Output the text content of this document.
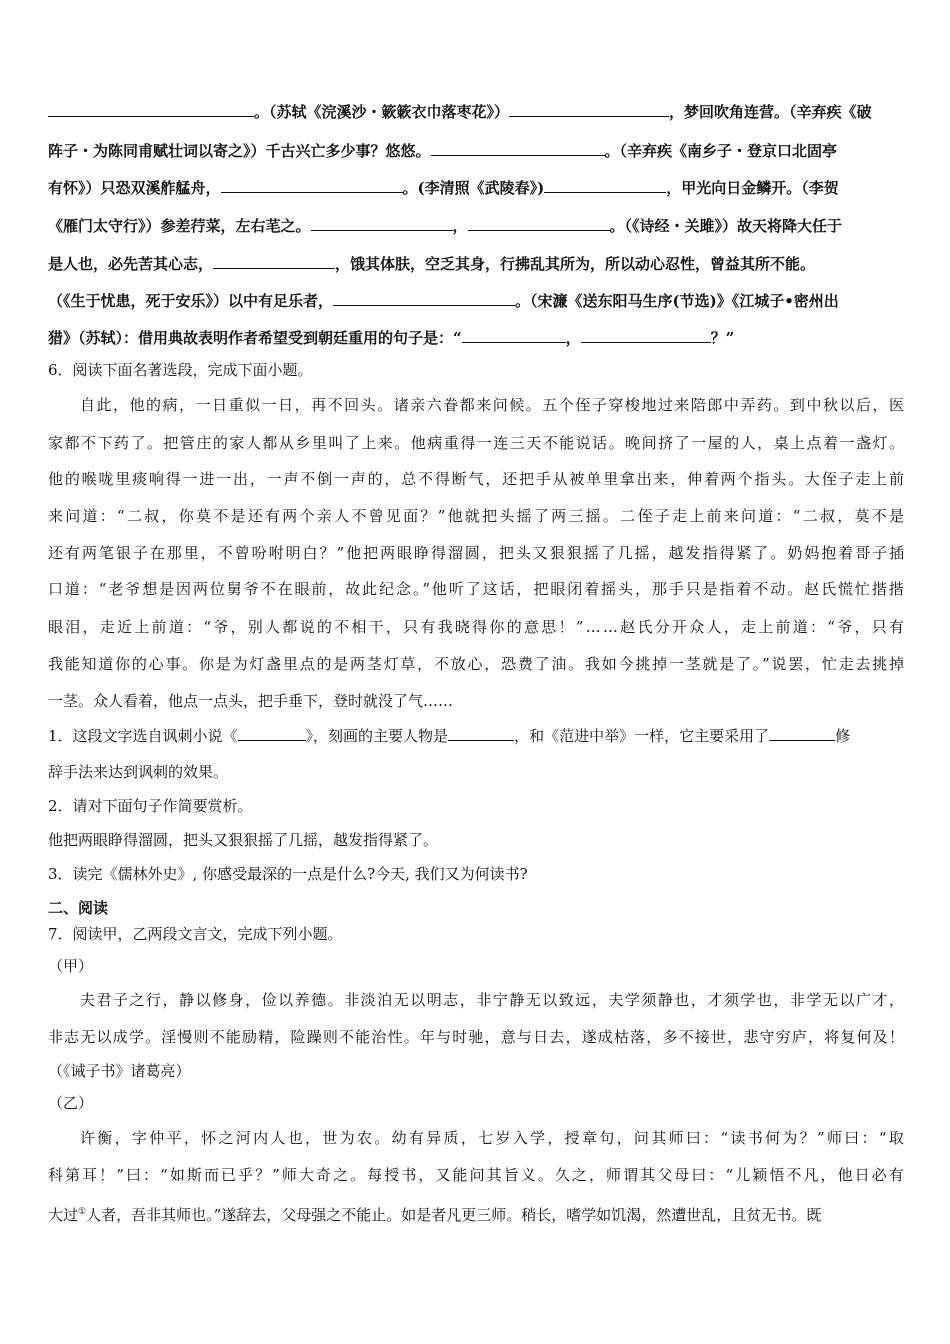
。（苏轼《浣溪沙・簌簌衣巾落枣花》）	，梦回吹角连营。（辛弃疾《破
阵子・为陈同甫赋壮词以寄之》）千古兴亡多少事？悠悠。	。（辛弃疾《南乡子・登京口北固亭
有怀》）只恐双溪舴艋舟，	。(李清照《武陵春》)	，甲光向日金鳞开。（李贺
《雁门太守行》）参差荇菜，左右芼之。	，	。（《诗经・关雎》）故天将降大任于
是人也，必先苦其心志，	，饿其体肤，空乏其身，行拂乱其所为，所以动心忍性，曾益其所不能。
（《生于忧患，死于安乐》）以中有足乐者，	。（宋濂《送东阳马生序(节选)》《江城子•密州出
猎》（苏轼）：借用典故表明作者希望受到朝廷重用的句子是：“	，	？”
6．阅读下面名著选段，完成下面小题。
自此，他的病，一日重似一日，再不回头。诸亲六眷都来问候。五个侄子穿梭地过来陪郎中弄药。到中秋以后，医
家都不下药了。把管庄的家人都从乡里叫了上来。他病重得一连三天不能说话。晚间挤了一屋的人，桌上点着一盏灯。
他的喉咙里痰响得一进一出，一声不倒一声的，总不得断气，还把手从被单里拿出来，伸着两个指头。大侄子走上前
来问道：“二叔，你莫不是还有两个亲人不曾见面？”他就把头摇了两三摇。二侄子走上前来问道：“二叔，莫不是
还有两笔银子在那里，不曾吩咐明白？”他把两眼睁得溜圆，把头又狠狠摇了几摇，越发指得紧了。奶妈抱着哥子插
口道：“老爷想是因两位舅爷不在眼前，故此纪念。”他听了这话，把眼闭着摇头，那手只是指着不动。赵氏慌忙揩揩
眼泪，走近上前道：“爷，别人都说的不相干，只有我晓得你的意思！”……赵氏分开众人，走上前道：“爷，只有
我能知道你的心事。你是为灯盏里点的是两茎灯草，不放心，恐费了油。我如今挑掉一茎就是了。”说罢，忙走去挑掉
一茎。众人看着，他点一点头，把手垂下，登时就没了气……
1．这段文字选自讽刺小说《	》，刻画的主要人物是	，和《范进中举》一样，它主要采用了	修
辞手法来达到讽刺的效果。
2．请对下面句子作简要赏析。
他把两眼睁得溜圆，把头又狠狠摇了几摇，越发指得紧了。
3．读完《儒林外史》, 你感受最深的一点是什么?今天, 我们又为何读书?
二、阅读
7．阅读甲，乙两段文言文，完成下列小题。
（甲）
夫君子之行，静以修身，俭以养德。非淡泊无以明志，非宁静无以致远，夫学须静也，才须学也，非学无以广才，
非志无以成学。淫慢则不能励精，险躁则不能治性。年与时驰，意与日去，遂成枯落，多不接世，悲守穷庐，将复何及！
（《诫子书》诸葛亮）
（乙）
许衡，字仲平，怀之河内人也，世为农。幼有异质，七岁入学，授章句，问其师曰：“读书何为？”师曰：“取
科第耳！”曰：“如斯而已乎？”师大奇之。每授书，又能问其旨义。久之，师谓其父母曰：“儿颖悟不凡，他日必有
大过①人者，吾非其师也。”遂辞去，父母强之不能止。如是者凡更三师。稍长，嗜学如饥渴，然遭世乱，且贫无书。既
